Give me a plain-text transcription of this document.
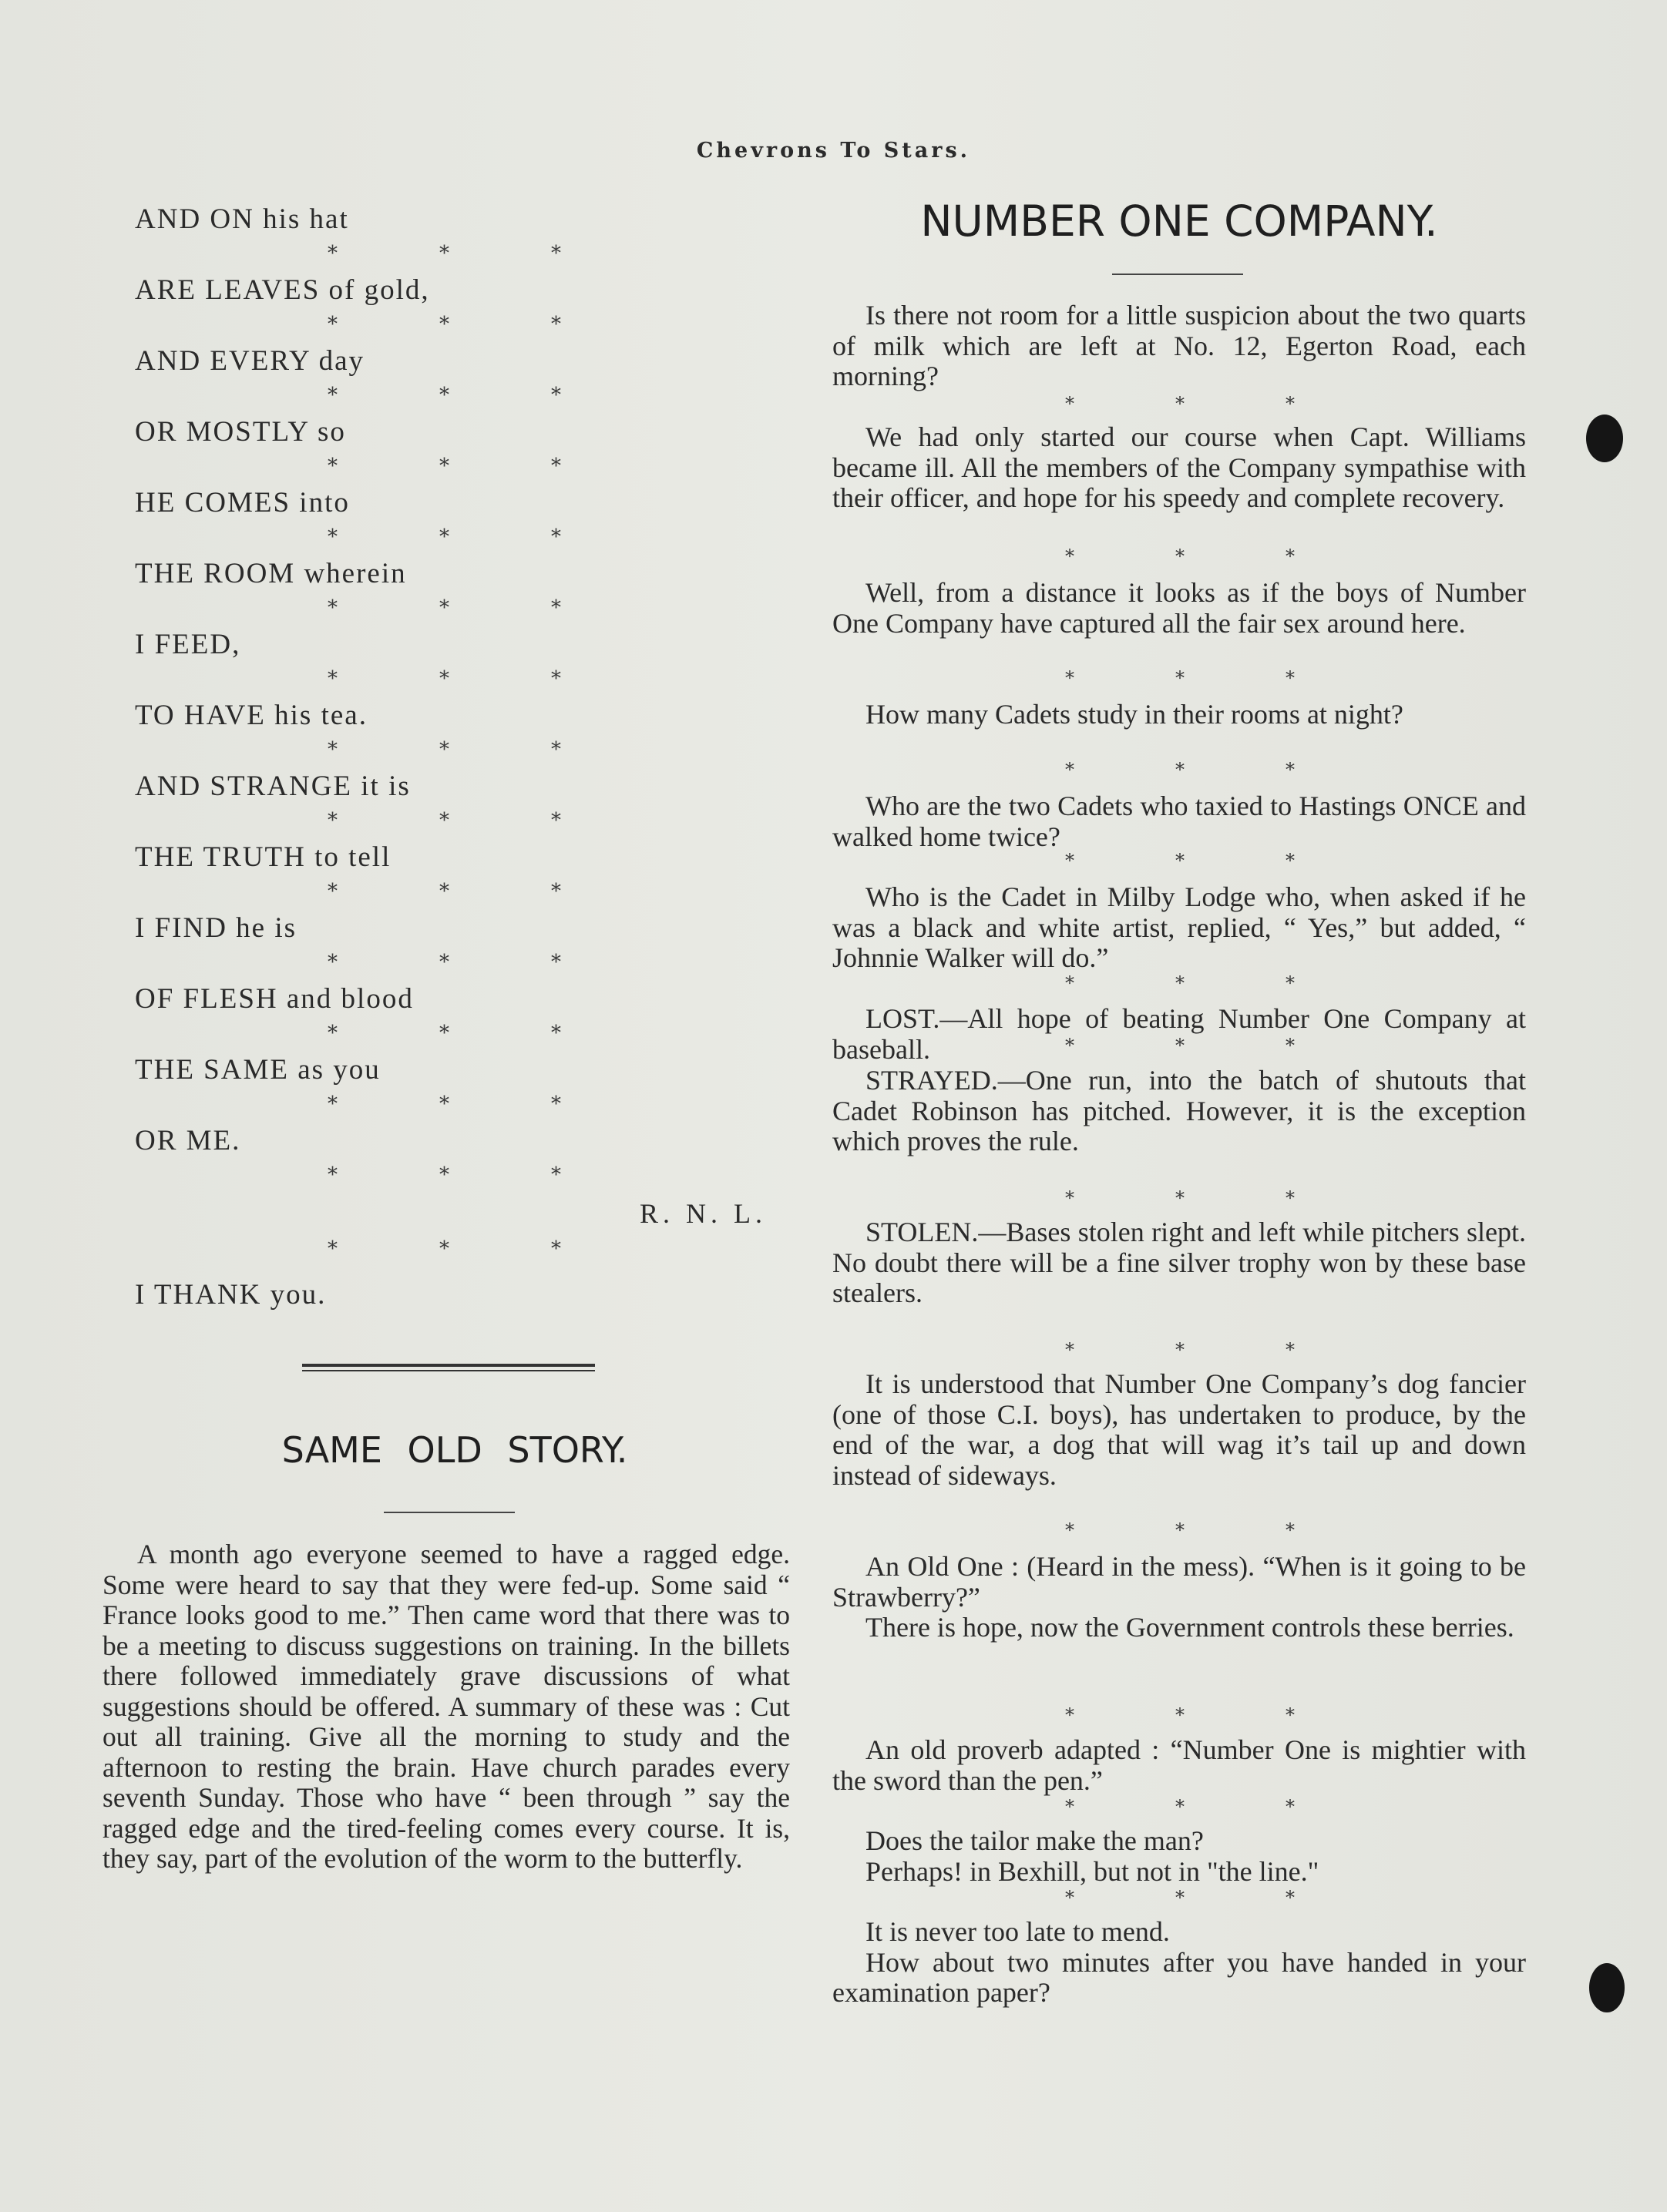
Chevrons To Stars.
AND ON his hat
*	*	*
ARE LEAVES of gold,
*	*	*
AND EVERY day
*	*	*
OR MOSTLY so
*	*	*
HE COMES into
*	*	*
THE ROOM wherein
*	*	*
I FEED,
*	*	*
TO HAVE his tea.
*	*	*
AND STRANGE it is
*	*	*
THE TRUTH to tell
*	*	*
I FIND he is
*	*	*
OF FLESH and blood
*	*	*
THE SAME as you
*	*	*
OR ME.
*	*	*
R. N. L.
*	*	*
I THANK you.
SAME OLD STORY.

A month ago everyone seemed to have a ragged edge. Some were heard to say that they were fed-up. Some said “ France looks good to me.” Then came word that there was to be a meeting to discuss suggestions on training. In the billets there followed immediately grave discussions of what suggestions should be offered. A summary of these was : Cut out all training. Give all the morning to study and the afternoon to resting the brain. Have church parades every seventh Sunday. Those who have “ been through ” say the ragged edge and the tired-feeling comes every course. It is, they say, part of the evolution of the worm to the butterfly.

NUMBER ONE COMPANY.

Is there not room for a little suspicion about the two quarts of milk which are left at No. 12, Egerton Road, each morning?

We had only started our course when Capt. Williams became ill. All the members of the Company sympathise with their officer, and hope for his speedy and complete recovery.

Well, from a distance it looks as if the boys of Number One Company have captured all the fair sex around here.

How many Cadets study in their rooms at night?

Who are the two Cadets who taxied to Hastings ONCE and walked home twice?

Who is the Cadet in Milby Lodge who, when asked if he was a black and white artist, replied, “ Yes,” but added, “ Johnnie Walker will do.”

LOST.—All hope of beating Number One Company at baseball.

STRAYED.—One run, into the batch of shutouts that Cadet Robinson has pitched. However, it is the exception which proves the rule.

STOLEN.—Bases stolen right and left while pitchers slept. No doubt there will be a fine silver trophy won by these base stealers.

It is understood that Number One Company’s dog fancier (one of those C.I. boys), has undertaken to produce, by the end of the war, a dog that will wag it’s tail up and down instead of sideways.

An Old One : (Heard in the mess). “When is it going to be Strawberry?”

There is hope, now the Government controls these berries.

An old proverb adapted : “Number One is mightier with the sword than the pen.”

Does the tailor make the man?

Perhaps! in Bexhill, but not in "the line."

It is never too late to mend.

How about two minutes after you have handed in your examination paper?

*	*	*
*	*	*
*	*	*
*	*	*
*	*	*
*	*	*
*	*	*
*	*	*
*	*	*
*	*	*
*	*	*
*	*	*
*	*	*
